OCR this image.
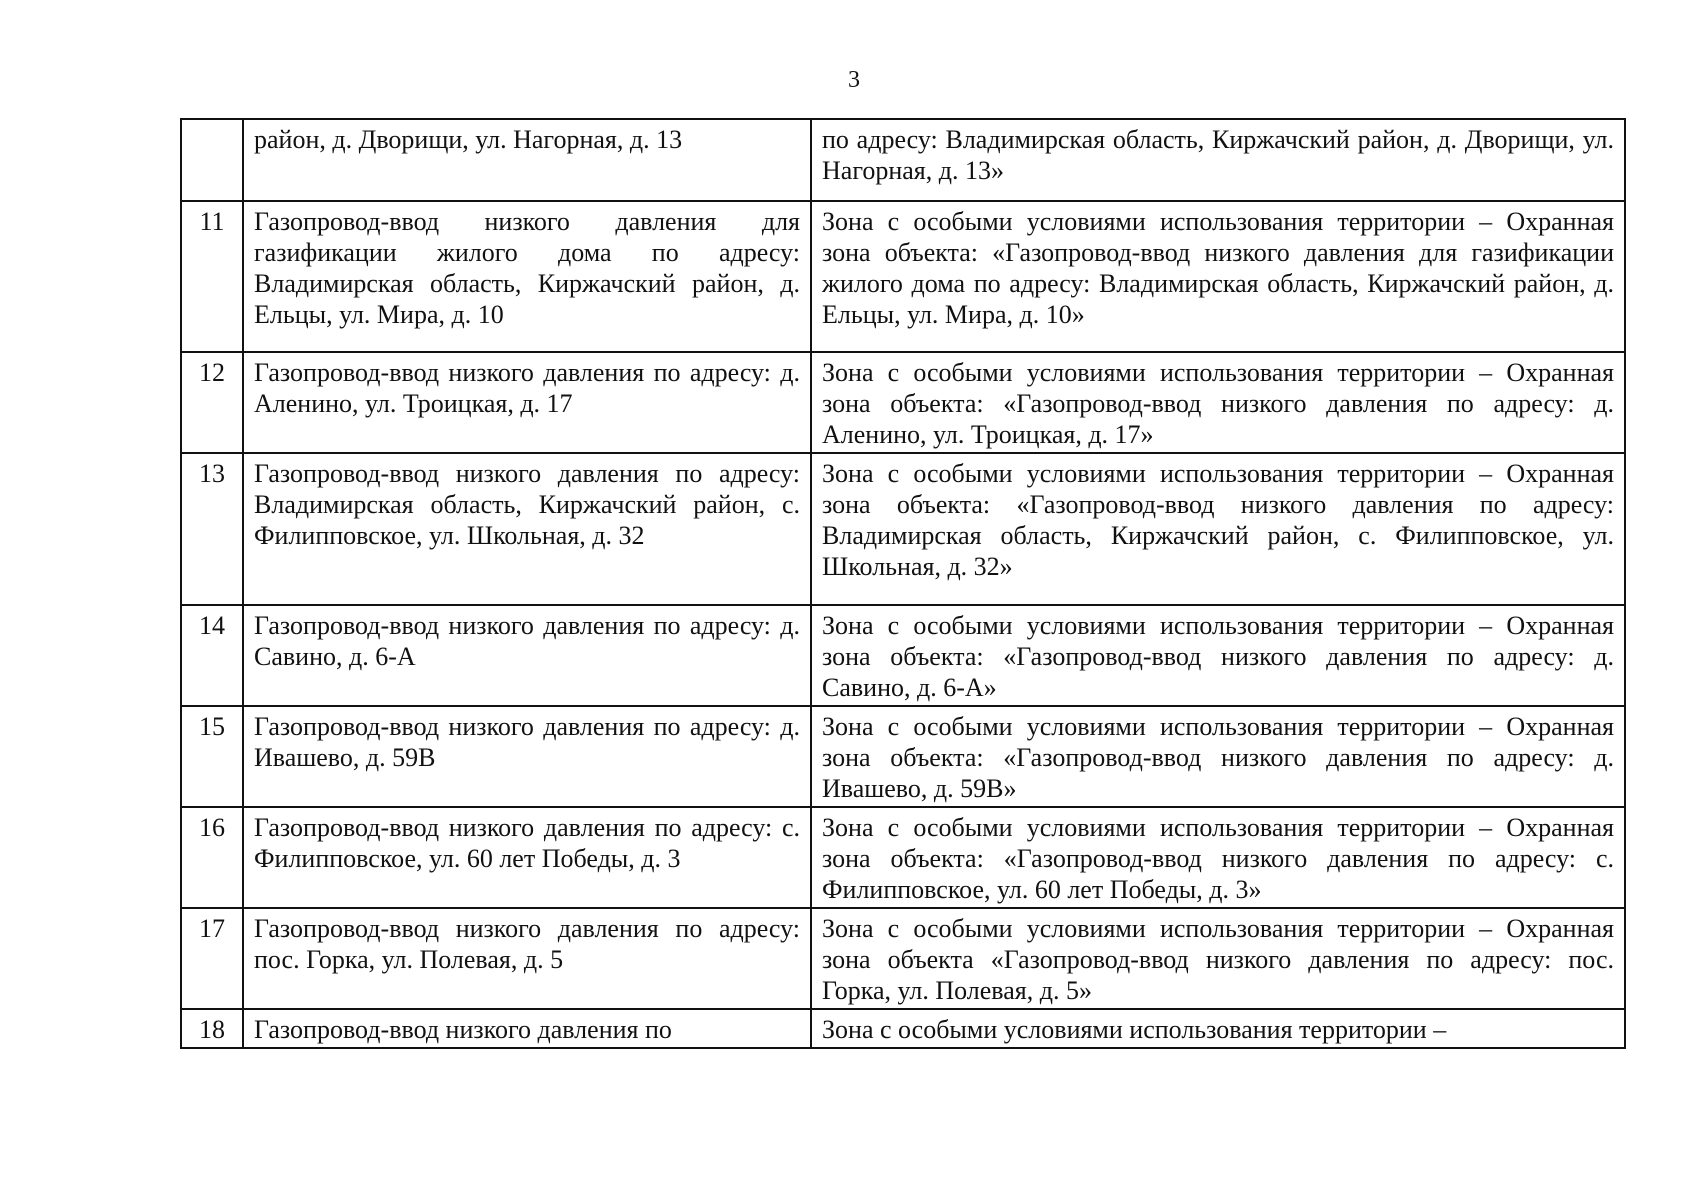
3
	район, д. Дворищи, ул. Нагорная, д. 13	по адресу: Владимирская область, Киржачский район, д. Дворищи, ул. Нагорная, д. 13»
11	Газопровод-ввод низкого давления для газификации жилого дома по адресу: Владимирская область, Киржачский район, д. Ельцы, ул. Мира, д. 10	Зона с особыми условиями использования территории – Охранная зона объекта: «Газопровод-ввод низкого давления для газификации жилого дома по адресу: Владимирская область, Киржачский район, д. Ельцы, ул. Мира, д. 10»
12	Газопровод-ввод низкого давления по адресу: д. Аленино, ул. Троицкая, д. 17	Зона с особыми условиями использования территории – Охранная зона объекта: «Газопровод-ввод низкого давления по адресу: д. Аленино, ул. Троицкая, д. 17»
13	Газопровод-ввод низкого давления по адресу: Владимирская область, Киржачский район, с. Филипповское, ул. Школьная, д. 32	Зона с особыми условиями использования территории – Охранная зона объекта: «Газопровод-ввод низкого давления по адресу: Владимирская область, Киржачский район, с. Филипповское, ул. Школьная, д. 32»
14	Газопровод-ввод низкого давления по адресу: д. Савино, д. 6-А	Зона с особыми условиями использования территории – Охранная зона объекта: «Газопровод-ввод низкого давления по адресу: д. Савино, д. 6-А»
15	Газопровод-ввод низкого давления по адресу: д. Ивашево, д. 59В	Зона с особыми условиями использования территории – Охранная зона объекта: «Газопровод-ввод низкого давления по адресу: д. Ивашево, д. 59В»
16	Газопровод-ввод низкого давления по адресу: с. Филипповское, ул. 60 лет Победы, д. 3	Зона с особыми условиями использования территории – Охранная зона объекта: «Газопровод-ввод низкого давления по адресу: с. Филипповское, ул. 60 лет Победы, д. 3»
17	Газопровод-ввод низкого давления по адресу: пос. Горка, ул. Полевая, д. 5	Зона с особыми условиями использования территории – Охранная зона объекта «Газопровод-ввод низкого давления по адресу: пос. Горка, ул. Полевая, д. 5»
18	Газопровод-ввод низкого давления по	Зона с особыми условиями использования территории –
